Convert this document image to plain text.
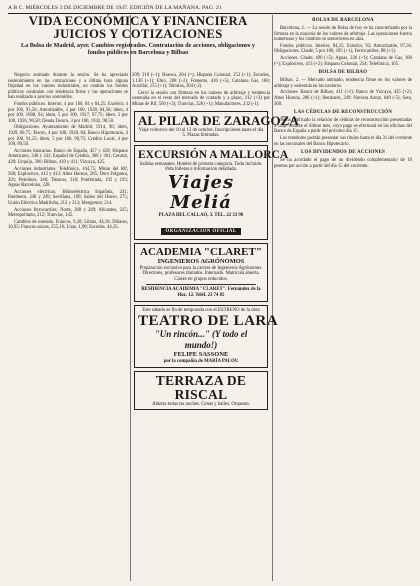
A B C. MIÉRCOLES 3 DE DICIEMBRE DE 1947. EDICIÓN DE LA MAÑANA. PAG. 21
VIDA ECONÓMICA Y FINANCIERA
JUICIOS Y COTIZACIONES
La Bolsa de Madrid, ayer. Cambios registrados. Contratación de acciones, obligaciones y fondos públicos en Barcelona y Bilbao

Negocio animado durante la sesión. Se ha apreciado sostenimiento en las cotizaciones y a última hora alguna flojedad en los valores industriales, en cambio los fondos públicos continúan con tendencia firme y las operaciones se han realizado a precios sostenidos.

Fondos públicos. Interior, 4 por 100, 84 y 84,25; Exterior, 4 por 100, 93,50; Amortizable, 3 por 100, 1928, 84,50; ídem, 4 por 100, 1908, 94; ídem, 5 por 100, 1917, 97,75; ídem, 3 por 100, 1926, 90,50; Deuda Tesoro, 3 por 100, 1942, 98,50.

Obligaciones. Ayuntamiento de Madrid, 1914, 90; ídem, 1929, 89,75; Tesoro, 4 por 100, 1928, 84; Banco Hipotecario, 4 por 100, 91,25; ídem, 5 por 100, 99,75; Crédito Local, 4 por 100, 89,50.

Acciones bancarias. Banco de España, 457 y 458; Hispano Americano, 340 y 341; Español de Crédito, 360 y 361; Central, 420; Urquijo, 390; Bilbao, 410 y 411; Vizcaya, 425.

Acciones industriales. Telefónica, 164,75; Minas del Rif, 560; Explosivos, 412 y 413; Altos Hornos, 285; Duro Felguera, 201; Petróleos, 240; Tabacos, 318; Ponferrada, 192 y 193; Aguas Barcelona, 228.

Acciones eléctricas. Hidroeléctrica Española, 241; Iberduero, 248 y 249; Sevillana, 190; Saltos del Duero, 275; Unión Eléctrica Madrileña, 212 y 213; Mengemor, 214.

Acciones ferrocarriles. Norte, 268 y 269; Alicantes, 225; Metropolitano, 212; Tranvías, 145.

Cambios de moneda. Francos, 9,20; Libras, 44,10; Dólares, 10,95; Francos suizos, 255,10; Liras, 1,90; Escudos, 44,35.

209; 210 (+1); Huesca, 204 (=); Hispano Colonial, 253 (+1); Escudos, 1.136 (+1); Ebro, 208 (+2); Fomento, 410 (+5); Catalana Gas, 180; Auxiliar, 155 (+1); Nitratos, 204 (-2).

Cerró la sesión con firmeza en los valores de arbitraje y tendencia sostenida en el resto del mercado de contado y a plazo, 212 (+3) por Minas de Rif, 560 (+2); Tranvías, 226 (+1); Manufactures, 232 (-1).

AL PILAR DE ZARAGOZA
Viaje colectivo del 10 al 13 de octubre. Inscripciones hasta el día 5. Plazas limitadas.
EXCURSIÓN A MALLORCA
Salidas semanales. Hoteles de primera categoría. Todo incluido. Pida folletos e información detallada.
Viajes Meliá
PLAZA DEL CALLAO, 3. TEL. 22 33 90
ORGANIZACIÓN OFICIAL
ACADEMIA "CLARET"
INGENIEROS AGRÓNOMOS
Preparación exclusiva para la carrera de Ingenieros Agrónomos. Directores, profesores titulados. Internado. Matrícula abierta. Clases en grupos reducidos.
RESIDENCIA ACADEMIA "CLARET". Fernández de la Hoz, 12. Teléf. 23 74 85
Este sábado es fin de temporada con el ESTRENO de la obra
TEATRO DE LARA
"Un rincón..." (Y todo el mundo!)
FELIPE SASSONE
por la compañía de MARÍA PALOU
TERRAZA DE RISCAL
Abierta todas las noches. Cenas y bailes. Orquesta.
BOLSA DE BARCELONA

Barcelona, 2. — La sesión de Bolsa de hoy se ha caracterizado por la firmeza en la mayoría de los valores de arbitraje. Las operaciones fueron numerosas y los cambios se sostuvieron en alza.

Fondos públicos. Interior, 84,25; Exterior, 93; Amortizable, 97,50. Obligaciones. Chade, 5 por 100, 105 (+1); Ferrocarriles, 88 (+1).

Acciones. Chade, 490 (+5); Aguas, 226 (+1); Catalana de Gas, 180 (=); Explosivos, 413 (+2); Hispano Colonial, 254; Telefónica, 165.

BOLSA DE BILBAO

Bilbao, 2. — Mercado animado, tendencia firme en los valores de arbitraje y sostenida en los navieros.

Acciones. Banco de Bilbao, 411 (+1); Banco de Vizcaya, 425 (+2); Altos Hornos, 286 (+1); Iberduero, 249; Naviera Aznar, 640 (-5); Sota, 300.

LAS CÉDULAS DE RECONSTRUCCIÓN

Se ha publicado la relación de cédulas de reconstrucción presentadas a canje durante el último mes, cuyo pago se efectuará en las oficinas del Banco de España a partir del próximo día 15.

Los tenedores podrán presentar sus títulos hasta el día 31 del corriente en las sucursales del Banco Hipotecario.

LOS DIVIDENDOS DE ACCIONES

Se ha acordado el pago de un dividendo complementario de 10 pesetas por acción a partir del día 15 del corriente.
